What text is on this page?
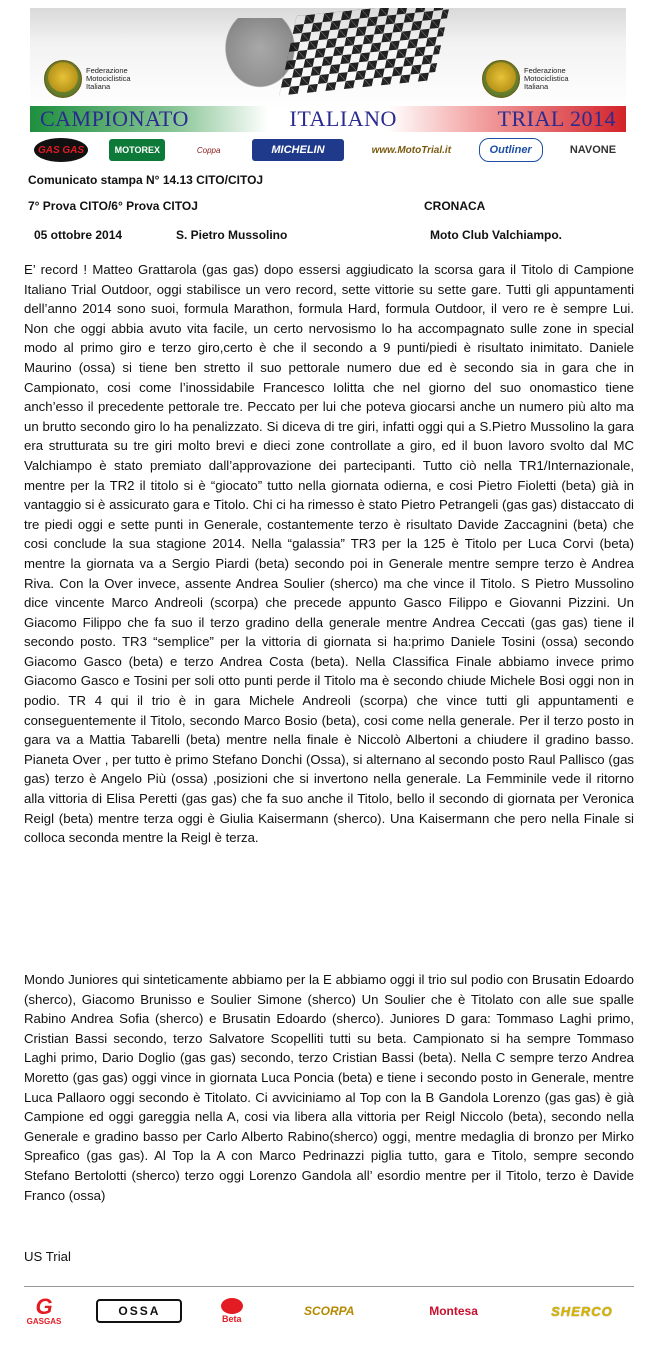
Federazione
Motociclistica
Italiana
Federazione
Motociclistica
Italiana
CAMPIONATO	ITALIANO	TRIAL 2014
GAS GAS	MOTOREX	Coppa	MICHELIN	www.MotoTrial.it	Outliner	NAVONE
Comunicato stampa N° 14.13 CITO/CITOJ
7° Prova CITO/6° Prova CITOJ	CRONACA
05 ottobre 2014	S. Pietro Mussolino	Moto Club Valchiampo.

E’ record ! Matteo Grattarola (gas gas) dopo essersi aggiudicato la scorsa gara il Titolo di Campione Italiano Trial Outdoor, oggi stabilisce un vero record, sette vittorie su sette gare. Tutti gli appuntamenti dell’anno 2014 sono suoi, formula Marathon, formula Hard, formula Outdoor, il vero re è sempre Lui. Non che oggi abbia avuto vita facile, un certo nervosismo lo ha accompagnato sulle zone in special modo al primo giro e terzo giro,certo è che il secondo a 9 punti/piedi è risultato inimitato. Daniele Maurino (ossa) si tiene ben stretto il suo pettorale numero due ed è secondo sia in gara che in Campionato, cosi come l’inossidabile Francesco Iolitta che nel giorno del suo onomastico tiene anch’esso il precedente pettorale tre. Peccato per lui che poteva giocarsi anche un numero più alto ma un brutto secondo giro lo ha penalizzato. Si diceva di tre giri, infatti oggi qui a S.Pietro Mussolino la gara era strutturata su tre giri molto brevi e dieci zone controllate a giro, ed il buon lavoro svolto dal MC Valchiampo è stato premiato dall’approvazione dei partecipanti. Tutto ciò nella TR1/Internazionale, mentre per la TR2 il titolo si è “giocato” tutto nella giornata odierna, e cosi Pietro Fioletti (beta) già in vantaggio si è assicurato gara e Titolo. Chi ci ha rimesso è stato Pietro Petrangeli (gas gas) distaccato di tre piedi oggi e sette punti in Generale, costantemente terzo è risultato Davide Zaccagnini (beta) che cosi conclude la sua stagione 2014. Nella “galassia” TR3 per la 125 è Titolo per Luca Corvi (beta) mentre la giornata va a Sergio Piardi (beta) secondo poi in Generale mentre sempre terzo è Andrea Riva. Con la Over invece, assente Andrea Soulier (sherco) ma che vince il Titolo. S Pietro Mussolino dice vincente Marco Andreoli (scorpa) che precede appunto Gasco Filippo e Giovanni Pizzini. Un Giacomo Filippo che fa suo il terzo gradino della generale mentre Andrea Ceccati (gas gas) tiene il secondo posto. TR3 “semplice” per la vittoria di giornata si ha:primo Daniele Tosini (ossa) secondo Giacomo Gasco (beta) e terzo Andrea Costa (beta). Nella Classifica Finale abbiamo invece primo Giacomo Gasco e Tosini per soli otto punti perde il Titolo ma è secondo chiude Michele Bosi oggi non in podio. TR 4 qui il trio è in gara Michele Andreoli (scorpa) che vince tutti gli appuntamenti e conseguentemente il Titolo, secondo Marco Bosio (beta), cosi come nella generale. Per il terzo posto in gara va a Mattia Tabarelli (beta) mentre nella finale è Niccolò Albertoni a chiudere il gradino basso. Pianeta Over , per tutto è primo Stefano Donchi (Ossa), si alternano al secondo posto Raul Pallisco (gas gas) terzo è Angelo Più (ossa) ,posizioni che si invertono nella generale. La Femminile vede il ritorno alla vittoria di Elisa Peretti (gas gas) che fa suo anche il Titolo, bello il secondo di giornata per Veronica Reigl (beta) mentre terza oggi è Giulia Kaisermann (sherco). Una Kaisermann che pero nella Finale si colloca seconda mentre la Reigl è terza.

Mondo Juniores qui sinteticamente abbiamo per la E abbiamo oggi il trio sul podio con Brusatin Edoardo (sherco), Giacomo Brunisso e Soulier Simone (sherco) Un Soulier che è Titolato con alle sue spalle Rabino Andrea Sofia (sherco) e Brusatin Edoardo (sherco). Juniores D gara: Tommaso Laghi primo, Cristian Bassi secondo, terzo Salvatore Scopelliti tutti su beta. Campionato si ha sempre Tommaso Laghi primo, Dario Doglio (gas gas) secondo, terzo Cristian Bassi (beta). Nella C sempre terzo Andrea Moretto (gas gas) oggi vince in giornata Luca Poncia (beta) e tiene i secondo posto in Generale, mentre Luca Pallaoro oggi secondo è Titolato. Ci avviciniamo al Top con la B Gandola Lorenzo (gas gas) è già Campione ed oggi gareggia nella A, cosi via libera alla vittoria per Reigl Niccolo (beta), secondo nella Generale e gradino basso per Carlo Alberto Rabino(sherco) oggi, mentre medaglia di bronzo per Mirko Spreafico (gas gas). Al Top la A con Marco Pedrinazzi piglia tutto, gara e Titolo, sempre secondo Stefano Bertolotti (sherco) terzo oggi Lorenzo Gandola all’ esordio mentre per il Titolo, terzo è Davide Franco (ossa)

US Trial
G
GASGAS
OSSA
Beta
SCORPA	Montesa	SHERCO
